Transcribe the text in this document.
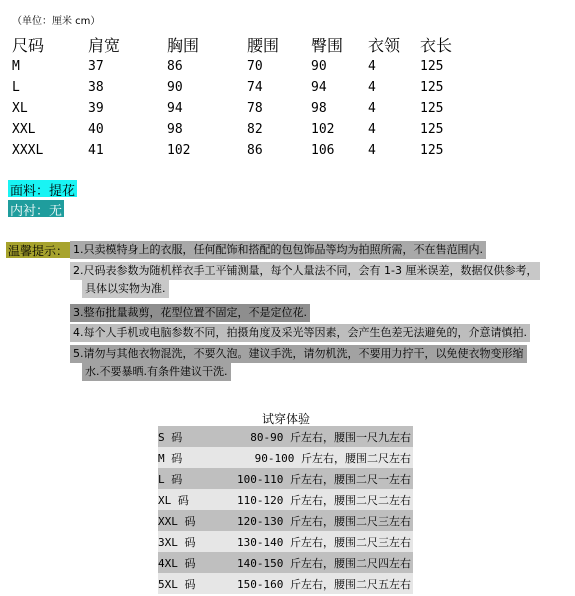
（单位：厘米 cm）
尺码	肩宽	胸围	腰围	臀围	衣领	衣长
M	37	86	70	90	4	125
L	38	90	74	94	4	125
XL	39	94	78	98	4	125
XXL	40	98	82	102	4	125
XXXL	41	102	86	106	4	125
面料：提花
内衬：无
温馨提示： 1.只卖模特身上的衣服，任何配饰和搭配的包包饰品等均为拍照所需，不在售范围内.
2.尺码表参数为随机样衣手工平铺测量，每个人量法不同，会有 1-3 厘米误差，数据仅供参考，
具体以实物为准.
3.整布批量裁剪，花型位置不固定，不是定位花.
4.每个人手机或电脑参数不同，拍摄角度及采光等因素，会产生色差无法避免的，介意请慎拍.
5.请勿与其他衣物混洗，不要久泡。建议手洗，请勿机洗，不要用力拧干，以免使衣物变形缩
水.不要暴晒.有条件建议干洗.
试穿体验
S 码	80-90 斤左右，腰围一尺九左右
M 码	90-100 斤左右，腰围二尺左右
L 码	100-110 斤左右，腰围二尺一左右
XL 码	110-120 斤左右，腰围二尺二左右
XXL 码	120-130 斤左右，腰围二尺三左右
3XL 码	130-140 斤左右，腰围二尺三左右
4XL 码	140-150 斤左右，腰围二尺四左右
5XL 码	150-160 斤左右，腰围二尺五左右
